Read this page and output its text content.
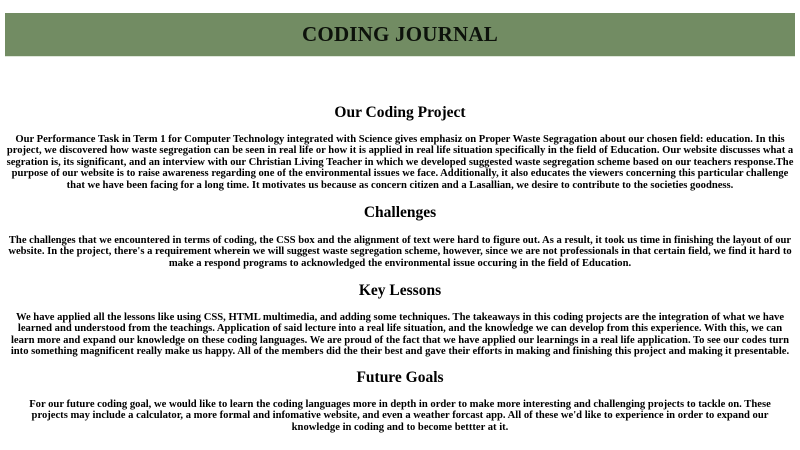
CODING JOURNAL
Our Coding Project

Our Performance Task in Term 1 for Computer Technology integrated with Science gives emphasiz on Proper Waste Segragation about our chosen field: education. In this project, we discovered how waste segregation can be seen in real life or how it is applied in real life situation specifically in the field of Education. Our website discusses what a segration is, its significant, and an interview with our Christian Living Teacher in which we developed suggested waste segregation scheme based on our teachers response.The purpose of our website is to raise awareness regarding one of the environmental issues we face. Additionally, it also educates the viewers concerning this particular challenge that we have been facing for a long time. It motivates us because as concern citizen and a Lasallian, we desire to contribute to the societies goodness.

Challenges

The challenges that we encountered in terms of coding, the CSS box and the alignment of text were hard to figure out. As a result, it took us time in finishing the layout of our website. In the project, there's a requirement wherein we will suggest waste segregation scheme, however, since we are not professionals in that certain field, we find it hard to make a respond programs to acknowledged the environmental issue occuring in the field of Education.

Key Lessons

We have applied all the lessons like using CSS, HTML multimedia, and adding some techniques. The takeaways in this coding projects are the integration of what we have learned and understood from the teachings. Application of said lecture into a real life situation, and the knowledge we can develop from this experience. With this, we can learn more and expand our knowledge on these coding languages. We are proud of the fact that we have applied our learnings in a real life application. To see our codes turn into something magnificent really make us happy. All of the members did the their best and gave their efforts in making and finishing this project and making it presentable.

Future Goals

For our future coding goal, we would like to learn the coding languages more in depth in order to make more interesting and challenging projects to tackle on. These projects may include a calculator, a more formal and infomative website, and even a weather forcast app. All of these we'd like to experience in order to expand our knowledge in coding and to become bettter at it.
